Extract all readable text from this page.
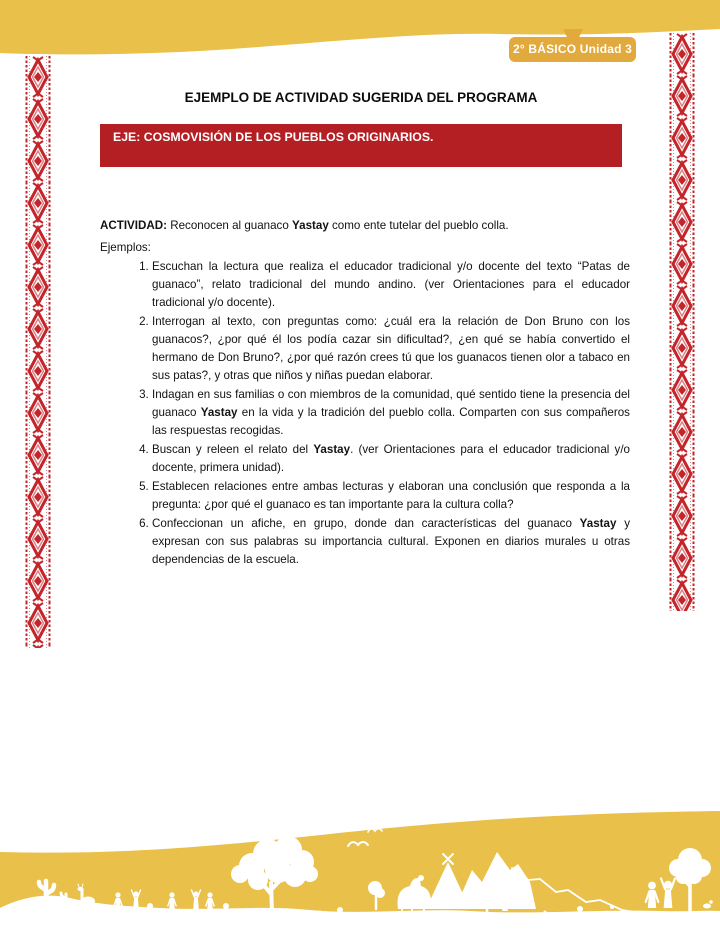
2° BÁSICO Unidad 3
EJEMPLO DE ACTIVIDAD SUGERIDA DEL PROGRAMA
EJE: COSMOVISIÓN DE LOS PUEBLOS ORIGINARIOS.

ACTIVIDAD: Reconocen al guanaco Yastay como ente tutelar del pueblo colla.

Ejemplos:
1. Escuchan la lectura que realiza el educador tradicional y/o docente del texto “Patas de guanaco”, relato tradicional del mundo andino. (ver Orientaciones para el educador tradicional y/o docente).
2. Interrogan al texto, con preguntas como: ¿cuál era la relación de Don Bruno con los guanacos?, ¿por qué él los podía cazar sin dificultad?, ¿en qué se había convertido el hermano de Don Bruno?, ¿por qué razón crees tú que los guanacos tienen olor a tabaco en sus patas?, y otras que niños y niñas puedan elaborar.
3. Indagan en sus familias o con miembros de la comunidad, qué sentido tiene la presencia del guanaco Yastay en la vida y la tradición del pueblo colla. Comparten con sus compañeros las respuestas recogidas.
4. Buscan y releen el relato del Yastay. (ver Orientaciones para el educador tradicional y/o docente, primera unidad).
5. Establecen relaciones entre ambas lecturas y elaboran una conclusión que responda a la pregunta: ¿por qué el guanaco es tan importante para la cultura colla?
6. Confeccionan un afiche, en grupo, donde dan características del guanaco Yastay y expresan con sus palabras su importancia cultural. Exponen en diarios murales u otras dependencias de la escuela.
